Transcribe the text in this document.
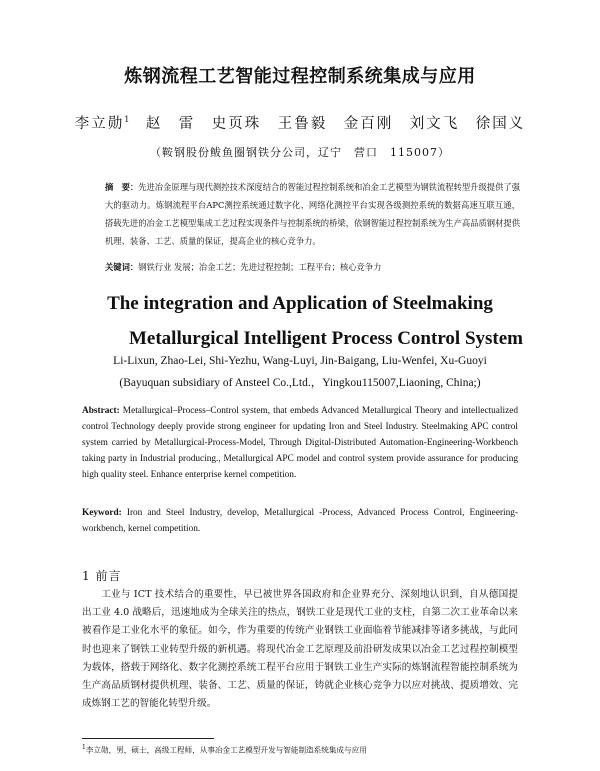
炼钢流程工艺智能过程控制系统集成与应用
李立勋$^1$　 赵　雷　史页珠　王鲁毅　金百刚　刘文飞　徐国义
（鞍钢股份鲅鱼圈钢铁分公司，辽宁　营口　115007）
摘　要：先进冶金原理与现代测控技术深度结合的智能过程控制系统和冶金工艺模型为钢铁流程转型升级提供了强大的驱动力。炼钢流程平台APC测控系统通过数字化、网络化测控平台实现各级测控系统的数据高速互联互通，搭载先进的冶金工艺模型集成工艺过程实现条件与控制系统的桥梁，依钢智能过程控制系统为生产高品质钢材提供机理、装备、工艺、质量的保证，提高企业的核心竞争力。
关键词：钢铁行业 发展；冶金工艺；先进过程控制；工程平台；核心竞争力
The integration and Application of Steelmaking
Metallurgical Intelligent Process Control System
Li-Lixun, Zhao-Lei, Shi-Yezhu, Wang-Luyi, Jin-Baigang, Liu-Wenfei, Xu-Guoyi
(Bayuquan subsidiary of Ansteel Co.,Ltd.，Yingkou115007,Liaoning, China;)
Abstract: Metallurgical–Process–Control system, that embeds Advanced Metallurgical Theory and intellectualized control Technology deeply provide strong engineer for updating Iron and Steel Industry. Steelmaking APC control system carried by Metallurgical-Process-Model, Through Digital-Distributed Automation-Engineering-Workbench taking party in Industrial producing., Metallurgical APC model and control system provide assurance for producing high quality steel. Enhance enterprise kernel competition.
Keyword: Iron and Steel Industry, develop, Metallurgical -Process, Advanced Process Control, Engineering-workbench, kernel competition.
1 前言

工业与 ICT 技术结合的重要性，早已被世界各国政府和企业界充分、深刻地认识到，自从德国提出工业 4.0 战略后，迅速地成为全球关注的热点，钢铁工业是现代工业的支柱，自第二次工业革命以来被看作是工业化水平的象征。如今，作为重要的传统产业钢铁工业面临着节能减排等诸多挑战，与此同时也迎来了钢铁工业转型升级的新机遇。将现代冶金工艺原理及前沿研发成果以冶金工艺过程控制模型为载体，搭载于网络化、数字化测控系统工程平台应用于钢铁工业生产实际的炼钢流程智能控制系统为生产高品质钢材提供机理、装备、工艺、质量的保证，铸就企业核心竞争力以应对挑战、提质增效、完成炼钢工艺的智能化转型升级。

$^1$李立勋，男，硕士，高级工程师，从事冶金工艺模型开发与智能制造系统集成与应用
